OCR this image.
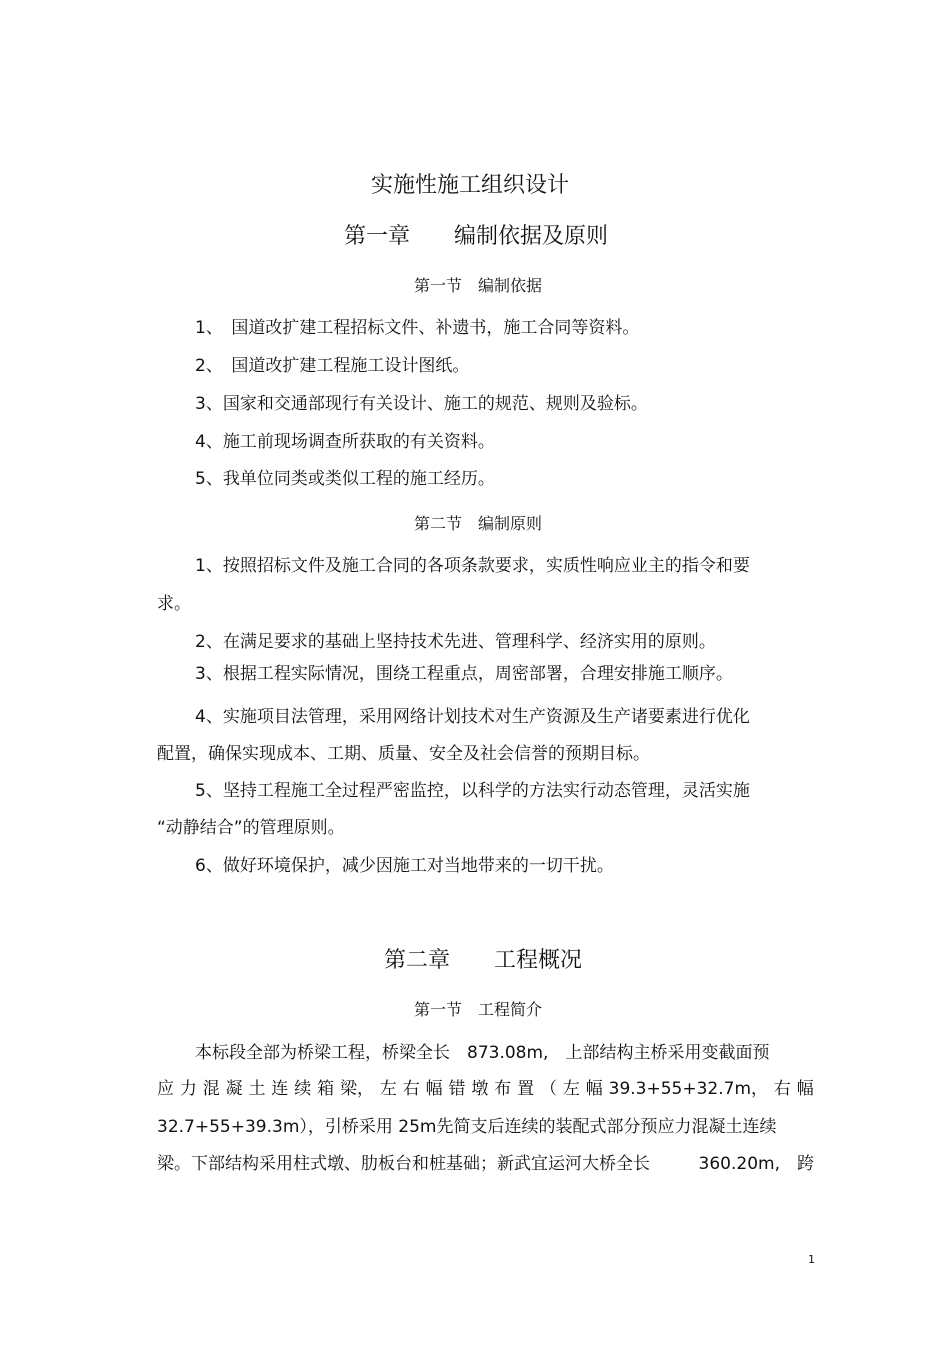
实施性施工组织设计
第一章　　编制依据及原则
第一节　编制依据
1、　国道改扩建工程招标文件、补遗书，施工合同等资料。
2、　国道改扩建工程施工设计图纸。
3、国家和交通部现行有关设计、施工的规范、规则及验标。
4、施工前现场调查所获取的有关资料。
5、我单位同类或类似工程的施工经历。
第二节　编制原则
1、按照招标文件及施工合同的各项条款要求，实质性响应业主的指令和要
求。
2、在满足要求的基础上坚持技术先进、管理科学、经济实用的原则。
3、根据工程实际情况，围绕工程重点，周密部署，合理安排施工顺序。
4、实施项目法管理，采用网络计划技术对生产资源及生产诸要素进行优化
配置，确保实现成本、工期、质量、安全及社会信誉的预期目标。
5、坚持工程施工全过程严密监控，以科学的方法实行动态管理，灵活实施
“动静结合”的管理原则。
6、做好环境保护，减少因施工对当地带来的一切干扰。
第二章　　工程概况
第一节　工程简介
本标段全部为桥梁工程，桥梁全长　873.08m,　上部结构主桥采用变截面预
应 力 混 凝 土 连 续 箱 梁， 左 右 幅 错 墩 布 置 （ 左 幅 39.3+55+32.7m， 右 幅
32.7+55+39.3m），引桥采用 25m先简支后连续的装配式部分预应力混凝土连续
梁。下部结构采用柱式墩、肋板台和桩基础；新武宜运河大桥全长	360.20m,　跨
1
